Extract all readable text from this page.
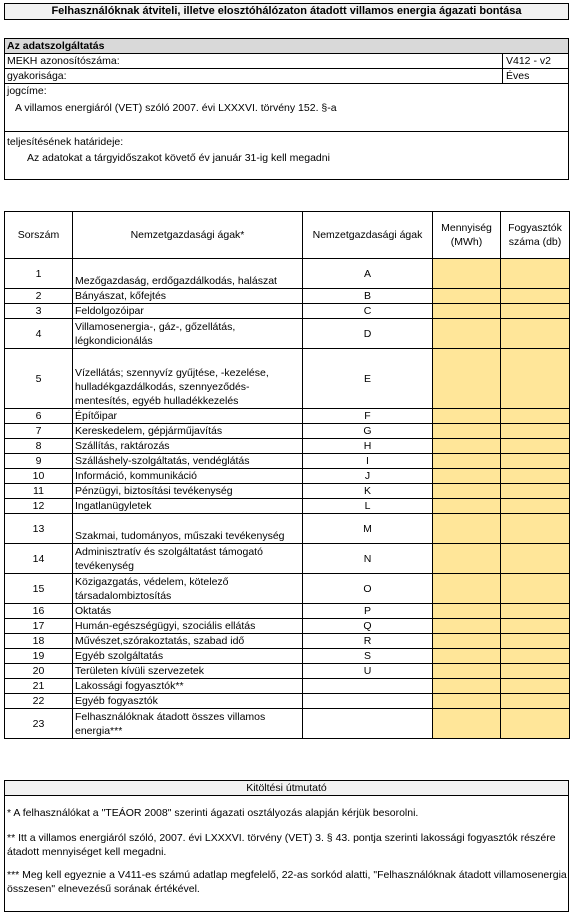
Felhasználóknak átviteli, illetve elosztóhálózaton átadott villamos energia ágazati bontása
Az adatszolgáltatás
MEKH azonosítószáma:	V412 - v2
gyakorisága:	Éves
jogcíme:
A villamos energiáról (VET) szóló 2007. évi LXXXVI. törvény 152. §-a
teljesítésének határideje:
Az adatokat a tárgyidőszakot követő év január 31-ig kell megadni
Sorszám	Nemzetgazdasági ágak*	Nemzetgazdasági ágak	Mennyiség (MWh)	Fogyasztók száma (db)
1	Mezőgazdaság, erdőgazdálkodás, halászat	A		
2	Bányászat, kőfejtés	B		
3	Feldolgozóipar	C		
4	Villamosenergia-, gáz-, gőzellátás, légkondicionálás	D		
5	Vízellátás; szennyvíz gyűjtése, -kezelése, hulladékgazdálkodás, szennyeződés-mentesítés, egyéb hulladékkezelés	E		
6	Építőipar	F		
7	Kereskedelem, gépjárműjavítás	G		
8	Szállítás, raktározás	H		
9	Szálláshely-szolgáltatás, vendéglátás	I		
10	Információ, kommunikáció	J		
11	Pénzügyi, biztosítási tevékenység	K		
12	Ingatlanügyletek	L		
13	Szakmai, tudományos, műszaki tevékenység	M		
14	Adminisztratív és szolgáltatást támogató tevékenység	N		
15	Közigazgatás, védelem, kötelező társadalombiztosítás	O		
16	Oktatás	P		
17	Humán-egészségügyi, szociális ellátás	Q		
18	Művészet,szórakoztatás, szabad idő	R		
19	Egyéb szolgáltatás	S		
20	Területen kívüli szervezetek	U		
21	Lakossági fogyasztók**			
22	Egyéb fogyasztók			
23	Felhasználóknak átadott összes villamos energia***			
Kitöltési útmutató
* A felhasználókat a "TEÁOR 2008" szerinti ágazati osztályozás alapján kérjük besorolni.
** Itt a villamos energiáról szóló, 2007. évi LXXXVI. törvény (VET) 3. § 43. pontja szerinti lakossági fogyasztók részére átadott mennyiséget kell megadni.
*** Meg kell egyeznie a V411-es számú adatlap megfelelő, 22-as sorkód alatti, "Felhasználóknak átadott villamosenergia összesen" elnevezésű sorának értékével.
